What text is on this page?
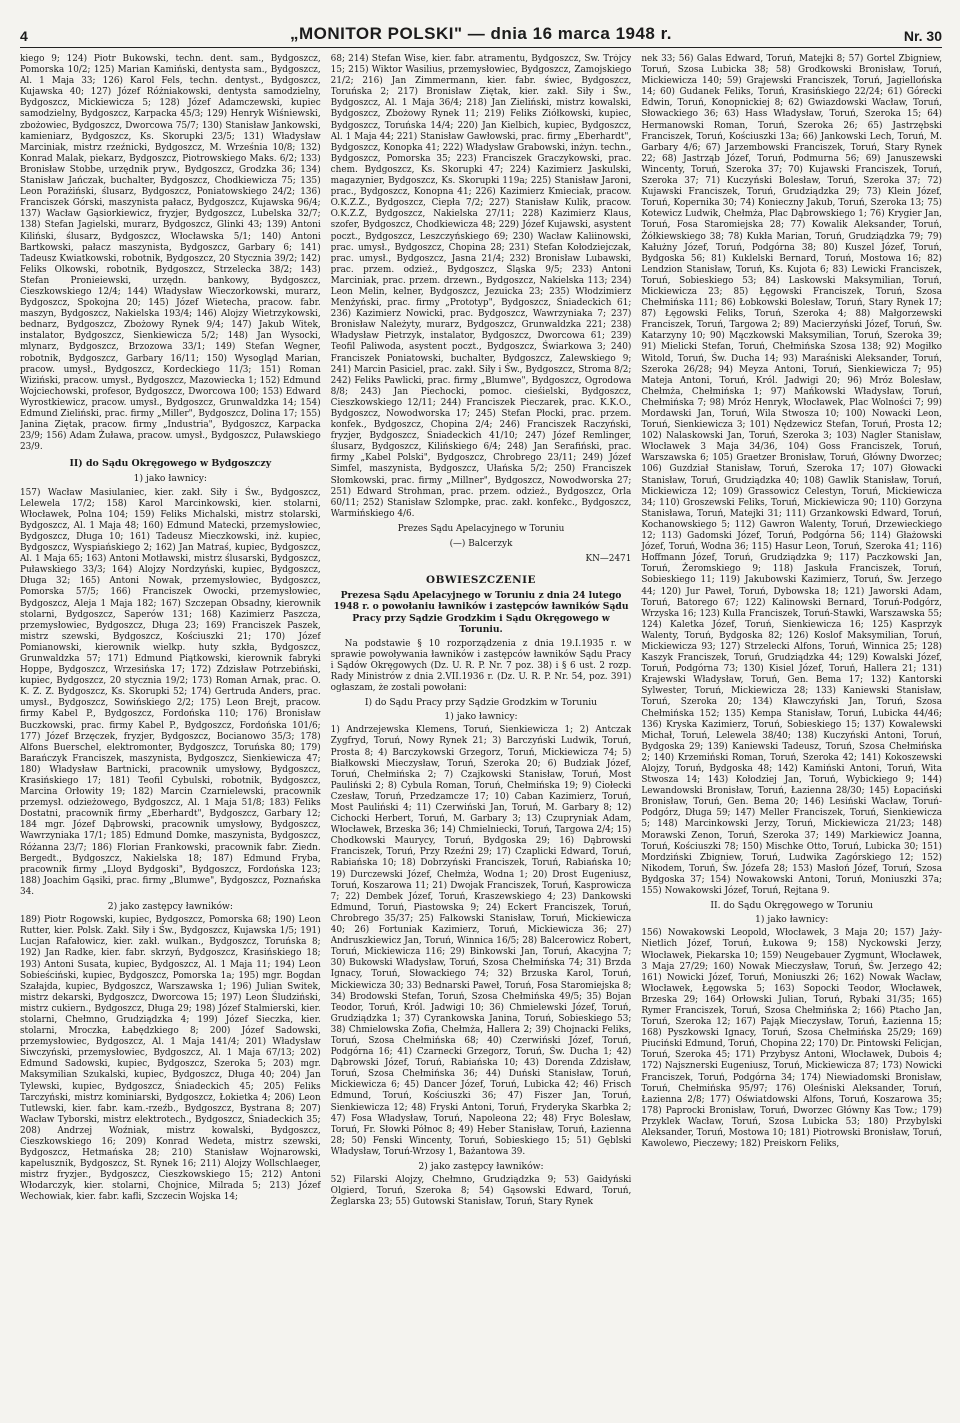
4	„MONITOR POLSKI" — dnia 16 marca 1948 r.	Nr. 30

kiego 9; 124) Piotr Bukowski, techn. dent. sam., Bydgoszcz, Pomorska 10/2; 125) Marian Kamiński, dentysta sam., Bydgoszcz, Al. 1 Maja 33; 126) Karol Fels, techn. dentyst., Bydgoszcz, Kujawska 40; 127) Józef Różniakowski, dentysta samodzielny, Bydgoszcz, Mickiewicza 5; 128) Józef Adamczewski, kupiec samodzielny, Bydgoszcz, Karpacka 45/3; 129) Henryk Wiśniewski, zbożowiec, Bydgoszcz, Dworcowa 75/7; 130) Stanisław Jankowski, kamieniarz, Bydgoszcz, Ks. Skorupki 23/5; 131) Władysław Marciniak, mistrz rzeźnicki, Bydgoszcz, M. Września 10/8; 132) Konrad Malak, piekarz, Bydgoszcz, Piotrowskiego Maks. 6/2; 133) Bronisław Stobbe, urzędnik pryw., Bydgoszcz, Grodzka 36; 134) Stanisław Jańczak, buchalter, Bydgoszcz, Chodkiewicza 75; 135) Leon Porażiński, ślusarz, Bydgoszcz, Poniatowskiego 24/2; 136) Franciszek Górski, maszynista pałacz, Bydgoszcz, Kujawska 96/4; 137) Wacław Gąsiorkiewicz, fryzjer, Bydgoszcz, Lubelska 32/7; 138) Stefan Jagielski, murarz, Bydgoszcz, Glinki 43; 139) Antoni Kiliński, ślusarz, Bydgoszcz, Włocławska 5/1; 140) Antoni Bartkowski, pałacz maszynista, Bydgoszcz, Garbary 6; 141) Tadeusz Kwiatkowski, robotnik, Bydgoszcz, 20 Stycznia 39/2; 142) Feliks Olkowski, robotnik, Bydgoszcz, Strzelecka 38/2; 143) Stefan Pronieiewski, urzędn. bankowy, Bydgoszcz, Cieszkowskiego 12/4; 144) Władysław Wieczorkowski, murarz, Bydgoszcz, Spokojna 20; 145) Józef Wietecha, pracow. fabr. maszyn, Bydgoszcz, Nakielska 193/4; 146) Alojzy Wietrzykowski, bednarz, Bydgoszcz, Zbożowy Rynek 9/4; 147) Jakub Witek, instalator, Bydgoszcz, Sienkiewicza 5/2; 148) Jan Wysocki, mlynarz, Bydgoszcz, Brzozowa 33/1; 149) Stefan Wegner, robotnik, Bydgoszcz, Garbary 16/11; 150) Wysogląd Marian, pracow. umysł., Bydgoszcz, Kordeckiego 11/3; 151) Roman Wiziński, pracow. umysł., Bydgoszcz, Mazowiecka 1; 152) Edmund Wojciechowski, profesor, Bydgoszcz, Dworcowa 100; 153) Edward Wyrostkiewicz, pracow. umysł., Bydgoszcz, Grunwaldzka 14; 154) Edmund Zieliński, prac. firmy „Miller", Bydgoszcz, Dolina 17; 155) Janina Ziętak, pracow. firmy „Industria", Bydgoszcz, Karpacka 23/9; 156) Adam Żuława, pracow. umysł., Bydgoszcz, Puławskiego 23/9.

II) do Sądu Okręgowego w Bydgoszczy

1) jako ławnicy:

157) Wacław Masiulaniec, kier. zakł. Siły i Św., Bydgoszcz, Lelewela 17/2; 158) Karol Marcinkowski, kier. stolarni, Włocławek, Polna 104; 159) Feliks Michalski, mistrz stolarski, Bydgoszcz, Al. 1 Maja 48; 160) Edmund Matecki, przemysłowiec, Bydgoszcz, Długa 10; 161) Tadeusz Mieczkowski, inż. kupiec, Bydgoszcz, Wyspiańskiego 2; 162) Jan Matraś, kupiec, Bydgoszcz, Al. 1 Maja 65; 163) Antoni Motławski, mistrz ślusarski, Bydgoszcz, Puławskiego 33/3; 164) Alojzy Nordzyński, kupiec, Bydgoszcz, Długa 32; 165) Antoni Nowak, przemysłowiec, Bydgoszcz, Pomorska 57/5; 166) Franciszek Owocki, przemysłowiec, Bydgoszcz, Aleja 1 Maja 182; 167) Szczepan Obsadny, kierownik stolarni, Bydgoszcz, Saperów 131; 168) Kazimierz Paszcza, przemysłowiec, Bydgoszcz, Długa 23; 169) Franciszek Paszek, mistrz szewski, Bydgoszcz, Kościuszki 21; 170) Józef Pomianowski, kierownik wielkp. huty szkła, Bydgoszcz, Grunwaldzka 57; 171) Edmund Piątkowski, kierownik fabryki Hoppe, Bydgoszcz, Wrzesińska 17; 172) Zdzisław Potrzebiński, kupiec, Bydgoszcz, 20 stycznia 19/2; 173) Roman Arnak, prac. O. K. Z. Z. Bydgoszcz, Ks. Skorupki 52; 174) Gertruda Anders, prac. umysł., Bydgoszcz, Sowińskiego 2/2; 175) Leon Brejt, pracow. firmy Kabel P., Bydgoszcz, Fordońska 110; 176) Bronisław Buczkowski, prac. firmy Kabel P., Bydgoszcz, Fordońska 101/6; 177) Józef Brzęczek, fryzjer, Bydgoszcz, Bocianowo 35/3; 178) Alfons Buerschel, elektromonter, Bydgoszcz, Toruńska 80; 179) Barańczyk Franciszek, maszynista, Bydgoszcz, Sienkiewicza 47; 180) Władysław Bartnicki, pracownik umysłowy, Bydgoszcz, Krasińskiego 17; 181) Teofil Cybulski, robotnik, Bydgoszcz, Marcina Orłowity 19; 182) Marcin Czarnielewski, pracownik przemysł. odzieżowego, Bydgoszcz, Al. 1 Maja 51/8; 183) Feliks Dostatni, pracownik firmy „Eberhardt", Bydgoszcz, Garbary 12; 184 mgr. Józef Dąbrowski, pracownik umysłowy, Bydgoszcz, Wawrzyniaka 17/1; 185) Edmund Domke, maszynista, Bydgoszcz, Różanna 23/7; 186) Florian Frankowski, pracownik fabr. Ziedn. Bergedt., Bydgoszcz, Nakielska 18; 187) Edmund Fryba, pracownik firmy „Lloyd Bydgoski", Bydgoszcz, Fordońska 123; 188) Joachim Gąsiki, prac. firmy „Blumwe", Bydgoszcz, Poznańska 34.

2) jako zastępcy ławników:

189) Piotr Rogowski, kupiec, Bydgoszcz, Pomorska 68; 190) Leon Rutter, kier. Polsk. Zakł. Siły i Św., Bydgoszcz, Kujawska 1/5; 191) Lucjan Rafałowicz, kier. zakł. wulkan., Bydgoszcz, Toruńska 8; 192) Jan Radke, kier. fabr. skrzyń, Bydgoszcz, Krasińskiego 18; 193) Antoni Susata, kupiec, Bydgoszcz, Al. 1 Maja 11; 194) Leon Sobieściński, kupiec, Bydgoszcz, Pomorska 1a; 195) mgr. Bogdan Szałajda, kupiec, Bydgoszcz, Warszawska 1; 196) Julian Switek, mistrz dekarski, Bydgoszcz, Dworcowa 15; 197) Leon Śludziński, mistrz cukiern., Bydgoszcz, Długa 29; 198) Józef Stalmierski, kier. stolarni, Chełmno, Grudziądzka 4; 199) Józef Sieczka, kier. stolarni, Mroczka, Łabędzkiego 8; 200) Józef Sadowski, przemysłowiec, Bydgoszcz, Al. 1 Maja 141/4; 201) Władysław Siwczyński, przemysłowiec, Bydgoszcz, Al. 1 Maja 67/13; 202) Edmund Sadowski, kupiec, Bydgoszcz, Szeroka 5; 203) mgr. Maksymilian Szukalski, kupiec, Bydgoszcz, Długa 40; 204) Jan Tylewski, kupiec, Bydgoszcz, Śniadeckich 45; 205) Feliks Tarczyński, mistrz kominiarski, Bydgoszcz, Łokietka 4; 206) Leon Tutlewski, kier. fabr. kam.-rzeźb., Bydgoszcz, Bystrana 8; 207) Wacław Tyborski, mistrz elektrotech., Bydgoszcz, Śniadeckich 35; 208) Andrzej Woźniak, mistrz kowalski, Bydgoszcz, Cieszkowskiego 16; 209) Konrad Wedeta, mistrz szewski, Bydgoszcz, Hetmańska 28; 210) Stanisław Wojnarowski, kapelusznik, Bydgoszcz, St. Rynek 16; 211) Alojzy Wollschlaeger, mistrz fryzjer., Bydgoszcz, Cieszkowskiego 15; 212) Antoni Włodarczyk, kier. stolarni, Chojnice, Milrada 5; 213) Józef Wechowiak, kier. fabr. kafli, Szczecin Wojska 14;

68; 214) Stefan Wise, kier. fabr. atramentu, Bydgoszcz, Św. Trójcy 15; 215) Wiktor Wasilius, przemysłowiec, Bydgoszcz, Zamojskiego 21/2; 216) Jan Zimmermann, kier. fabr. świec, Bydgoszcz, Toruńska 2; 217) Bronisław Ziętak, kier. zakł. Siły i Św., Bydgoszcz, Al. 1 Maja 36/4; 218) Jan Zieliński, mistrz kowalski, Bydgoszcz, Zbożowy Rynek 11; 219) Feliks Ziółkowski, kupiec, Bydgoszcz, Toruńska 14/4; 220) Jan Kielbich, kupiec, Bydgoszcz, Al. 1 Maja 44; 221) Stanisław Gawłowski, prac. firmy „Eberhardt", Bydgoszcz, Konopka 41; 222) Władysław Grabowski, inżyn. techn., Bydgoszcz, Pomorska 35; 223) Franciszek Graczykowski, prac. chem. Bydgoszcz, Ks. Skorupki 47; 224) Kazimierz Jaskulski, magazynier, Bydgoszcz, Ks. Skorupki 119a; 225) Stanisław Jaroni, prac., Bydgoszcz, Konopna 41; 226) Kazimierz Kmieciak, pracow. O.K.Z.Z., Bydgoszcz, Ciepła 7/2; 227) Stanisław Kulik, pracow. O.K.Z.Z, Bydgoszcz, Nakielska 27/11; 228) Kazimierz Klaus, szofer, Bydgoszcz, Chodkiewicza 48; 229) Józef Kujawski, asystent poczt., Bydgoszcz, Leszczyńskiego 69; 230) Wacław Kaliinowski, prac. umysł., Bydgoszcz, Chopina 28; 231) Stefan Kołodziejczak, prac. umysł., Bydgoszcz, Jasna 21/4; 232) Bronisław Lubawski, prac. przem. odzież., Bydgoszcz, Śląska 9/5; 233) Antoni Marciniak, prac. przem. drzewn., Bydgoszcz, Nakielska 113; 234) Leon Melin, kelner, Bydgoszcz, Jezuicka 23; 235) Włodzimierz Menżyński, prac. firmy „Prototyp", Bydgoszcz, Śniadeckich 61; 236) Kazimierz Nowicki, prac. Bydgoszcz, Wawrzyniaka 7; 237) Bronisław Należyty, murarz, Bydgoszcz, Grunwaldzka 221; 238) Władysław Pietrzyk, instalator, Bydgoszcz, Dworcowa 61; 239) Teofil Paliwoda, asystent poczt., Bydgoszcz, Świarkowa 3; 240) Franciszek Poniatowski, buchalter, Bydgoszcz, Zalewskiego 9; 241) Marcin Pasiciel, prac. zakł. Siły i Św., Bydgoszcz, Stroma 8/2; 242) Feliks Pawlicki, prac. firmy „Blumwe", Bydgoszcz, Ogrodowa 8/8; 243) Jan Piechocki, pomoc. cieśielski, Bydgoszcz, Cieszkowskiego 12/11; 244) Franciszek Pieczarek, prac. K.K.O., Bydgoszcz, Nowodworska 17; 245) Stefan Płocki, prac. przem. konfek., Bydgoszcz, Chopina 2/4; 246) Franciszek Raczyński, fryzjer, Bydgoszcz, Śniadeckich 41/10; 247) Józef Remlinger, ślusarz, Bydgoszcz, Kilińskiego 6/4; 248) Jan Serafiński, prac. firmy „Kabel Polski", Bydgoszcz, Chrobrego 23/11; 249) Józef Simfel, maszynista, Bydgoszcz, Ułańska 5/2; 250) Franciszek Słomkowski, prac. firmy „Millner", Bydgoszcz, Nowodworska 27; 251) Edward Strohman, prac. przem. odzież., Bydgoszcz, Orla 60/11; 252) Stanisław Szlompke, prac. zakł. konfekc., Bydgoszcz, Warmińskiego 4/6.

Prezes Sądu Apelacyjnego w Toruniu

(—) Balcerzyk

KN—2471

OBWIESZCZENIE

Prezesa Sądu Apelacyjnego w Toruniu z dnia 24 lutego 1948 r. o powołaniu ławników i zastępców ławników Sądu Pracy przy Sądzie Grodzkim i Sądu Okręgowego w Toruniu.

Na podstawie § 10 rozporządzenia z dnia 19.I.1935 r. w sprawie powoływania ławników i zastępców ławników Sądu Pracy i Sądów Okręgowych (Dz. U. R. P. Nr. 7 poz. 38) i § 6 ust. 2 rozp. Rady Ministrów z dnia 2.VII.1936 r. (Dz. U. R. P. Nr. 54, poz. 391) ogłaszam, że zostali powołani:

I) do Sądu Pracy przy Sądzie Grodzkim w Toruniu

1) jako ławnicy:

1) Andrzejewska Klemens, Toruń, Sienkiewicza 1; 2) Antczak Zygfryd, Toruń, Nowy Rynek 21; 3) Barczyński Ludwik, Toruń, Prosta 8; 4) Barczykowski Grzegorz, Toruń, Mickiewicza 74; 5) Białkowski Mieczysław, Toruń, Szeroka 20; 6) Budziak Józef, Toruń, Chełmińska 2; 7) Czajkowski Stanisław, Toruń, Most Pauliński 2; 8) Cybula Roman, Toruń, Chełmińska 19; 9) Ciołecki Czesław, Toruń, Przedzamcze 17; 10) Caban Kazimierz, Toruń, Most Pauliński 4; 11) Czerwiński Jan, Toruń, M. Garbary 8; 12) Cichocki Herbert, Toruń, M. Garbary 3; 13) Czupryniak Adam, Włocławek, Brzeska 36; 14) Chmielniecki, Toruń, Targowa 2/4; 15) Chodkowski Maurycy, Toruń, Bydgoska 29; 16) Dąbrowski Franciszek, Toruń, Przy Rzeźni 29; 17) Czaplicki Edward, Toruń, Rabiańska 10; 18) Dobrzyński Franciszek, Toruń, Rabiańska 10; 19) Durczewski Józef, Chełmża, Wodna 1; 20) Drost Eugeniusz, Toruń, Koszarowa 11; 21) Dwojak Franciszek, Toruń, Kasprowicza 7; 22) Dembek Józef, Toruń, Kraszewskiego 4; 23) Dankowski Edmund, Toruń, Piastowska 9; 24) Eckert Franciszek, Toruń, Chrobrego 35/37; 25) Falkowski Stanisław, Toruń, Mickiewicza 40; 26) Fortuniak Kazimierz, Toruń, Mickiewicza 36; 27) Andruszkiewicz Jan, Toruń, Winnica 16/5; 28) Balcerowicz Robert, Toruń, Mickiewicza 116; 29) Binkowski Jan, Toruń, Akacyjna 7; 30) Bukowski Władysław, Toruń, Szosa Chełmińska 74; 31) Brzda Ignacy, Toruń, Słowackiego 74; 32) Brzuska Karol, Toruń, Mickiewicza 30; 33) Bednarski Paweł, Toruń, Fosa Staromiejska 8; 34) Brodowski Stefan, Toruń, Szosa Chełmińska 49/5; 35) Bojan Teodor, Toruń, Król. Jadwigi 10; 36) Chmielewski Józef, Toruń, Grudziądzka 1; 37) Cyrankowska Janina, Toruń, Sobieskiego 53; 38) Chmielowska Zofia, Chełmża, Hallera 2; 39) Chojnacki Feliks, Toruń, Szosa Chełmińska 68; 40) Czerwiński Józef, Toruń, Podgórna 16; 41) Czarnecki Grzegorz, Toruń, Św. Ducha 1; 42) Dąbrowski Józef, Toruń, Rabiańska 10; 43) Dorenda Zdzisław, Toruń, Szosa Chełmińska 36; 44) Duński Stanisław, Toruń, Mickiewicza 6; 45) Dancer Józef, Toruń, Lubicka 42; 46) Frisch Edmund, Toruń, Kościuszki 36; 47) Fiszer Jan, Toruń, Sienkiewicza 12; 48) Fryski Antoni, Toruń, Fryderyka Skarbka 2; 47) Fosa Władysław, Toruń, Napoleona 22; 48) Fryc Bolesław, Toruń, Fr. Słowki Północ 8; 49) Heber Stanisław, Toruń, Łazienna 28; 50) Fenski Wincenty, Toruń, Sobieskiego 15; 51) Gęblski Władysław, Toruń-Wrzosy 1, Bażantowa 39.

2) jako zastępcy ławników:

52) Filarski Alojzy, Chełmno, Grudziądzka 9; 53) Gaidyński Olgierd, Toruń, Szeroka 8; 54) Gąsowski Edward, Toruń, Żeglarska 23; 55) Gutowski Stanisław, Toruń, Stary Rynek

nek 33; 56) Galas Edward, Toruń, Matejki 8; 57) Gortel Zbigniew, Toruń, Szosa Lubicka 38; 58) Grodkowski Bronisław, Toruń, Mickiewicza 140; 59) Grajewski Franciszek, Toruń, Jagiellońska 14; 60) Gudanek Feliks, Toruń, Krasińskiego 22/24; 61) Górecki Edwin, Toruń, Konopnickiej 8; 62) Gwiazdowski Wacław, Toruń, Słowackiego 36; 63) Hass Władysław, Toruń, Szeroka 15; 64) Hermanowski Roman, Toruń, Szeroka 26; 65) Jastrzębski Franciszek, Toruń, Kościuszki 13a; 66) Jankowski Lech, Toruń, M. Garbary 4/6; 67) Jarzembowski Franciszek, Toruń, Stary Rynek 22; 68) Jastrząb Józef, Toruń, Podmurna 56; 69) Januszewski Wincenty, Toruń, Szeroka 37; 70) Kujawski Franciszek, Toruń, Szeroka 37; 71) Kuczyński Bolesław, Toruń, Szeroka 37; 72) Kujawski Franciszek, Toruń, Grudziądzka 29; 73) Klein Józef, Toruń, Kopernika 30; 74) Konieczny Jakub, Toruń, Szeroka 13; 75) Kotewicz Ludwik, Chełmża, Plac Dąbrowskiego 1; 76) Krygier Jan, Toruń, Fosa Staromiejska 28; 77) Kowalik Aleksander, Toruń, Żółkiewskiego 38; 78) Kukła Marian, Toruń, Grudziądzka 79; 79) Kałużny Józef, Toruń, Podgórna 38; 80) Kuszel Józef, Toruń, Bydgoska 56; 81) Kuklelski Bernard, Toruń, Mostowa 16; 82) Lendzion Stanisław, Toruń, Ks. Kujota 6; 83) Lewicki Franciszek, Toruń, Sobieskiego 53; 84) Laskowski Maksymilian, Toruń, Mickiewicza 23; 85) Łęgowski Franciszek, Toruń, Szosa Chełmińska 111; 86) Łobkowski Bolesław, Toruń, Stary Rynek 17; 87) Łęgowski Feliks, Toruń, Szeroka 4; 88) Małgorzewski Franciszek, Toruń, Targowa 2; 89) Macierzyński Józef, Toruń, Św. Katarzyny 10; 90) Mączkowski Maksymilian, Toruń, Szeroka 39; 91) Mielicki Stefan, Toruń, Chełmińska Szosa 138; 92) Mogiłko Witold, Toruń, Św. Ducha 14; 93) Maraśniski Aleksander, Toruń, Szeroka 26/28; 94) Meyza Antoni, Toruń, Sienkiewicza 7; 95) Mateja Antoni, Toruń, Król. Jadwigi 20; 96) Mróz Bolesław, Chełmża, Chełmińska 1; 97) Mańkowski Władysław, Toruń, Chełmińska 7; 98) Mróz Henryk, Włocławek, Plac Wolności 7; 99) Mordawski Jan, Toruń, Wila Stwosza 10; 100) Nowacki Leon, Toruń, Sienkiewicza 3; 101) Nędzewicz Stefan, Toruń, Prosta 12; 102) Nalaskowski Jan, Toruń, Szeroka 3; 103) Nagler Stanisław, Włocławek 3 Maja 34/36, 104) Goss Franciszek, Toruń, Warszawska 6; 105) Graetzer Bronisław, Toruń, Główny Dworzec; 106) Guzdział Stanisław, Toruń, Szeroka 17; 107) Głowacki Stanisław, Toruń, Grudziądzka 40; 108) Gawlik Stanisław, Toruń, Mickiewicza 12; 109) Grassowicz Celestyn, Toruń, Mickiewicza 34; 110) Groszewski Feliks, Toruń, Mickiewicza 90; 110) Gorzyna Stanisława, Toruń, Matejki 31; 111) Grzankowski Edward, Toruń, Kochanowskiego 5; 112) Gawron Walenty, Toruń, Drzewieckiego 12; 113) Gadomski Józef, Toruń, Podgórna 56; 114) Głażowski Józef, Toruń, Wodna 36; 115) Hasur Leon, Toruń, Szeroka 41; 116) Hoffmann Józef, Toruń, Grudziądzka 9; 117) Paczkowski Jan, Toruń, Żeromskiego 9; 118) Jaskuła Franciszek, Toruń, Sobieskiego 11; 119) Jakubowski Kazimierz, Toruń, Św. Jerzego 44; 120) Jur Paweł, Toruń, Dybowska 18; 121) Jaworski Adam, Toruń, Batorego 67; 122) Kalinowski Bernard, Toruń-Podgórz, Wrzyska 16; 123) Kulla Franciszek, Toruń-Stawki, Warszawska 55; 124) Kaletka Józef, Toruń, Sienkiewicza 16; 125) Kasprzyk Walenty, Toruń, Bydgoska 82; 126) Koslof Maksymilian, Toruń, Mickiewicza 93; 127) Strzelecki Alfons, Toruń, Winnica 25; 128) Kaszyk Franciszek, Toruń, Grudziądzka 44; 129) Kowalski Józef, Toruń, Podgórna 73; 130) Kisiel Józef, Toruń, Hallera 21; 131) Krajewski Władysław, Toruń, Gen. Bema 17; 132) Kantorski Sylwester, Toruń, Mickiewicza 28; 133) Kaniewski Stanisław, Toruń, Szeroka 20; 134) Kławczyński Jan, Toruń, Szosa Chełmińska 152; 135) Kempa Stanisław, Toruń, Lubicka 44/46; 136) Kryska Kazimierz, Toruń, Sobieskiego 15; 137) Kowalewski Michał, Toruń, Lelewela 38/40; 138) Kuczyński Antoni, Toruń, Bydgoska 29; 139) Kaniewski Tadeusz, Toruń, Szosa Chełmińska 2; 140) Krzemiński Roman, Toruń, Szeroka 42; 141) Kokoszewski Alojzy, Toruń, Bydgoska 48; 142) Kamiński Antoni, Toruń, Wita Stwosza 14; 143) Kołodziej Jan, Toruń, Wybickiego 9; 144) Lewandowski Bronisław, Toruń, Łazienna 28/30; 145) Łopaciński Bronisław, Toruń, Gen. Bema 20; 146) Lesiński Wacław, Toruń-Podgórz, Długa 59; 147) Meller Franciszek, Toruń, Sienkiewicza 5; 148) Marcinkowski Jerzy, Toruń, Mickiewicza 21/23; 148) Morawski Zenon, Toruń, Szeroka 37; 149) Markiewicz Joanna, Toruń, Kościuszki 78; 150) Mischke Otto, Toruń, Lubicka 30; 151) Mordziński Zbigniew, Toruń, Ludwika Zagórskiego 12; 152) Nikodem, Toruń, Św. Józefa 28; 153) Masłoń Józef, Toruń, Szosa Bydgoska 37; 154) Nowakowski Antoni, Toruń, Moniuszki 37a; 155) Nowakowski Józef, Toruń, Rejtana 9.

II. do Sądu Okręgowego w Toruniu

1) jako ławnicy:

156) Nowakowski Leopold, Włocławek, 3 Maja 20; 157) Jaży-Nietlich Józef, Toruń, Łukowa 9; 158) Nyckowski Jerzy, Włocławek, Piekarska 10; 159) Neugebauer Zygmunt, Włocławek, 3 Maja 27/29; 160) Nowak Mieczysław, Toruń, Św. Jerzego 42; 161) Nowicki Józef, Toruń, Moniuszki 26; 162) Nowak Wacław, Włocławek, Łęgowska 5; 163) Sopocki Teodor, Włocławek, Brzeska 29; 164) Orłowski Julian, Toruń, Rybaki 31/35; 165) Rymer Franciszek, Toruń, Szosa Chełmińska 2; 166) Ptacho Jan, Toruń, Szeroka 12; 167) Pająk Mieczysław, Toruń, Łazienna 15; 168) Pyszkowski Ignacy, Toruń, Szosa Chełmińska 25/29; 169) Piuciński Edmund, Toruń, Chopina 22; 170) Dr. Pintowski Felicjan, Toruń, Szeroka 45; 171) Przybysz Antoni, Włocławek, Dubois 4; 172) Najsznerski Eugeniusz, Toruń, Mickiewicza 87; 173) Nowicki Franciszek, Toruń, Podgórna 34; 174) Niewiadomski Bronisław, Toruń, Chełmińska 95/97; 176) Oleśniski Aleksander, Toruń, Łazienna 2/8; 177) Oświatdowski Alfons, Toruń, Koszarowa 35; 178) Paprocki Bronisław, Toruń, Dworzec Główny Kas Tow.; 179) Przyklek Wacław, Toruń, Szosa Lubicka 53; 180) Przybylski Aleksander, Toruń, Mostowa 10; 181) Piotrowski Bronisław, Toruń, Kawolewo, Pieczewy; 182) Preiskorn Feliks,
